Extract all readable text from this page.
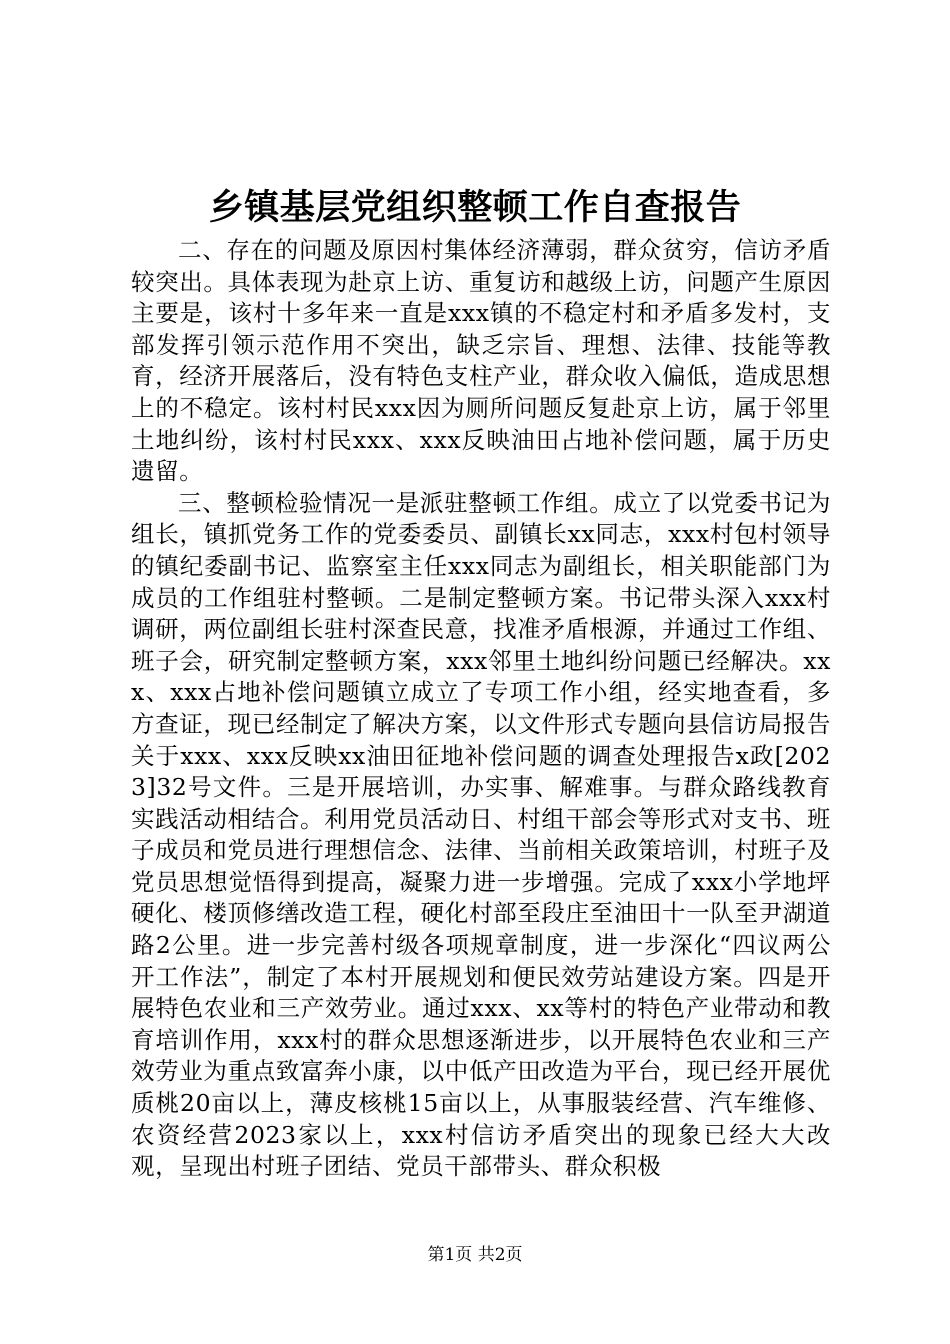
乡镇基层党组织整顿工作自查报告

二、存在的问题及原因村集体经济薄弱，群众贫穷，信访矛盾较突出。具体表现为赴京上访、重复访和越级上访，问题产生原因主要是，该村十多年来一直是xxx镇的不稳定村和矛盾多发村，支部发挥引领示范作用不突出，缺乏宗旨、理想、法律、技能等教育，经济开展落后，没有特色支柱产业，群众收入偏低，造成思想上的不稳定。该村村民xxx因为厕所问题反复赴京上访，属于邻里土地纠纷，该村村民xxx、xxx反映油田占地补偿问题，属于历史遗留。

三、整顿检验情况一是派驻整顿工作组。成立了以党委书记为组长，镇抓党务工作的党委委员、副镇长xx同志，xxx村包村领导的镇纪委副书记、监察室主任xxx同志为副组长，相关职能部门为成员的工作组驻村整顿。二是制定整顿方案。书记带头深入xxx村调研，两位副组长驻村深查民意，找准矛盾根源，并通过工作组、班子会，研究制定整顿方案，xxx邻里土地纠纷问题已经解决。xxx、xxx占地补偿问题镇立成立了专项工作小组，经实地查看，多方查证，现已经制定了解决方案，以文件形式专题向县信访局报告关于xxx、xxx反映xx油田征地补偿问题的调查处理报告x政[2023]32号文件。三是开展培训，办实事、解难事。与群众路线教育实践活动相结合。利用党员活动日、村组干部会等形式对支书、班子成员和党员进行理想信念、法律、当前相关政策培训，村班子及党员思想觉悟得到提高，凝聚力进一步增强。完成了xxx小学地坪硬化、楼顶修缮改造工程，硬化村部至段庄至油田十一队至尹湖道路2公里。进一步完善村级各项规章制度，进一步深化“四议两公开工作法”，制定了本村开展规划和便民效劳站建设方案。四是开展特色农业和三产效劳业。通过xxx、xx等村的特色产业带动和教育培训作用，xxx村的群众思想逐渐进步，以开展特色农业和三产效劳业为重点致富奔小康，以中低产田改造为平台，现已经开展优质桃20亩以上，薄皮核桃15亩以上，从事服装经营、汽车维修、农资经营2023家以上，xxx村信访矛盾突出的现象已经大大改观，呈现出村班子团结、党员干部带头、群众积极

第1页 共2页
